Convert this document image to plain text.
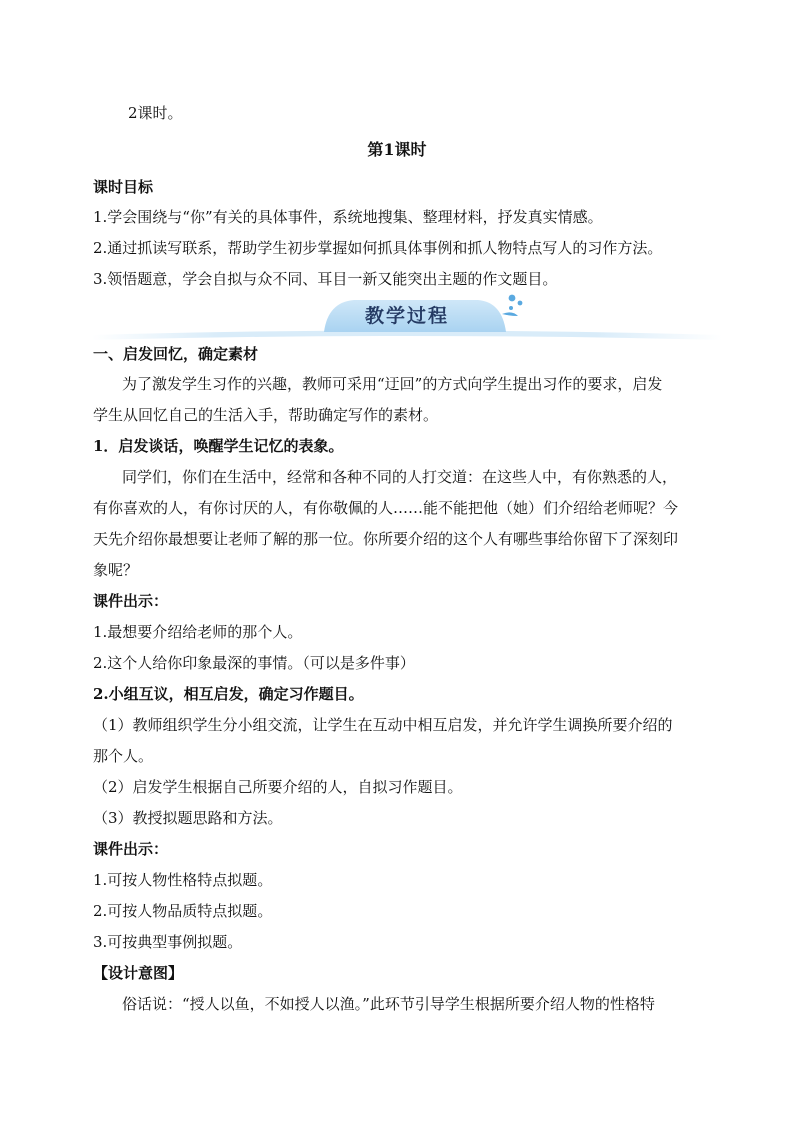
2课时。
第1课时
课时目标
1.学会围绕与“你”有关的具体事件，系统地搜集、整理材料，抒发真实情感。
2.通过抓读写联系，帮助学生初步掌握如何抓具体事例和抓人物特点写人的习作方法。
3.领悟题意，学会自拟与众不同、耳目一新又能突出主题的作文题目。
教学过程
一、启发回忆，确定素材
为了激发学生习作的兴趣，教师可采用“迂回”的方式向学生提出习作的要求，启发
学生从回忆自己的生活入手，帮助确定写作的素材。
1．启发谈话，唤醒学生记忆的表象。
同学们，你们在生活中，经常和各种不同的人打交道：在这些人中，有你熟悉的人，
有你喜欢的人，有你讨厌的人，有你敬佩的人……能不能把他（她）们介绍给老师呢？今
天先介绍你最想要让老师了解的那一位。你所要介绍的这个人有哪些事给你留下了深刻印
象呢？
课件出示：
1.最想要介绍给老师的那个人。
2.这个人给你印象最深的事情。（可以是多件事）
2.小组互议，相互启发，确定习作题目。
（1）教师组织学生分小组交流，让学生在互动中相互启发，并允许学生调换所要介绍的
那个人。
（2）启发学生根据自己所要介绍的人，自拟习作题目。
（3）教授拟题思路和方法。
课件出示：
1.可按人物性格特点拟题。
2.可按人物品质特点拟题。
3.可按典型事例拟题。
【设计意图】
俗话说：“授人以鱼，不如授人以渔。”此环节引导学生根据所要介绍人物的性格特
